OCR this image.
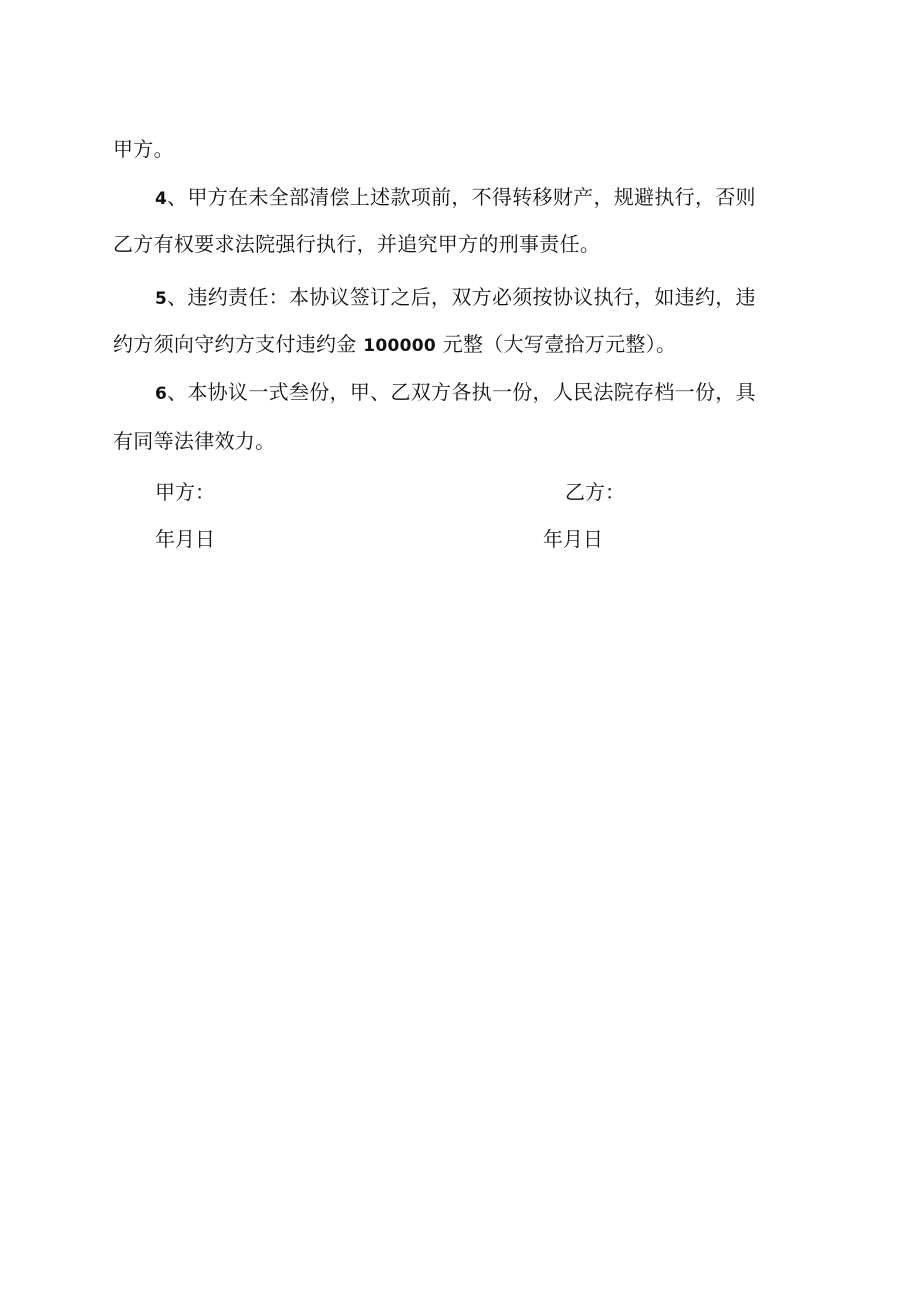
甲方。
4、甲方在未全部清偿上述款项前，不得转移财产，规避执行，否则
乙方有权要求法院强行执行，并追究甲方的刑事责任。
5、违约责任：本协议签订之后，双方必须按协议执行，如违约，违
约方须向守约方支付违约金 100000 元整（大写壹拾万元整）。
6、本协议一式叁份，甲、乙双方各执一份，人民法院存档一份，具
有同等法律效力。
甲方：	乙方：
年月日	年月日
